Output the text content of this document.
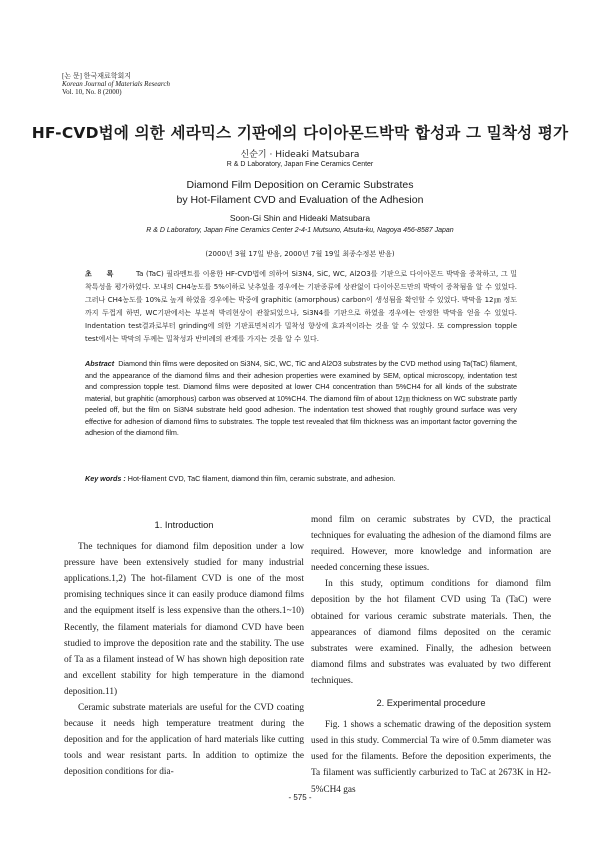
[논 문] 한국재료학회지
Korean Journal of Materials Research
Vol. 10, No. 8 (2000)
HF-CVD법에 의한 세라믹스 기판에의 다이아몬드박막 합성과 그 밀착성 평가
신순기 · Hideaki Matsubara
R & D Laboratory, Japan Fine Ceramics Center
Diamond Film Deposition on Ceramic Substrates
by Hot-Filament CVD and Evaluation of the Adhesion
Soon-Gi Shin and Hideaki Matsubara
R & D Laboratory, Japan Fine Ceramics Center 2-4-1 Mutsuno, Atsuta-ku, Nagoya 456-8587 Japan
(2000년 3월 17일 받음, 2000년 7월 19일 최종수정본 받음)
초 록 Ta (TaC) 필라멘트를 이용한 HF-CVD법에 의하여 Si3N4, SiC, WC, Al2O3를 기판으로 다이아몬드 박막을 증착하고, 그 밀착특성을 평가하였다. 모내의 CH4농도를 5%이하로 낮추었을 경우에는 기판종류에 상관없이 다이아몬드만의 박막이 증착됨을 알 수 있었다. 그러나 CH4농도를 10%로 높게 하였을 경우에는 박중에 graphitic (amorphous) carbon이 생성됨을 확인할 수 있었다. 박막을 12㎛ 정도까지 두껍게 하면, WC기판에서는 부분적 박리현상이 관찰되었으나, Si3N4를 기판으로 하였을 경우에는 안정한 박막을 얻을 수 있었다. Indentation test결과로부터 grinding에 의한 기판표면처리가 밀착성 향상에 효과적이라는 것을 알 수 있었다. 또 compression topple test에서는 박막의 두께는 밀착성과 반비례의 관계를 가지는 것을 알 수 있다.
Abstract Diamond thin films were deposited on Si3N4, SiC, WC, TiC and Al2O3 substrates by the CVD method using Ta(TaC) filament, and the appearance of the diamond films and their adhesion properties were examined by SEM, optical microscopy, indentation test and compression topple test. Diamond films were deposited at lower CH4 concentration than 5%CH4 for all kinds of the substrate material, but graphitic (amorphous) carbon was observed at 10%CH4. The diamond film of about 12㎛ thickness on WC substrate partly peeled off, but the film on Si3N4 substrate held good adhesion. The indentation test showed that roughly ground surface was very effective for adhesion of diamond films to substrates. The topple test revealed that film thickness was an important factor governing the adhesion of the diamond film.
Key words : Hot-filament CVD, TaC filament, diamond thin film, ceramic substrate, and adhesion.
1. Introduction

The techniques for diamond film deposition under a low pressure have been extensively studied for many industrial applications.1,2) The hot-filament CVD is one of the most promising techniques since it can easily produce diamond films and the equipment itself is less expensive than the others.1~10) Recently, the filament materials for diamond CVD have been studied to improve the deposition rate and the stability. The use of Ta as a filament instead of W has shown high deposition rate and excellent stability for high temperature in the diamond deposition.11)

Ceramic substrate materials are useful for the CVD coating because it needs high temperature treatment during the deposition and for the application of hard materials like cutting tools and wear resistant parts. In addition to optimize the deposition conditions for dia-

mond film on ceramic substrates by CVD, the practical techniques for evaluating the adhesion of the diamond films are required. However, more knowledge and information are needed concerning these issues.

In this study, optimum conditions for diamond film deposition by the hot filament CVD using Ta (TaC) were obtained for various ceramic substrate materials. Then, the appearances of diamond films deposited on the ceramic substrates were examined. Finally, the adhesion between diamond films and substrates was evaluated by two different techniques.

2. Experimental procedure

Fig. 1 shows a schematic drawing of the deposition system used in this study. Commercial Ta wire of 0.5mm diameter was used for the filaments. Before the deposition experiments, the Ta filament was sufficiently carburized to TaC at 2673K in H2-5%CH4 gas

- 575 -
